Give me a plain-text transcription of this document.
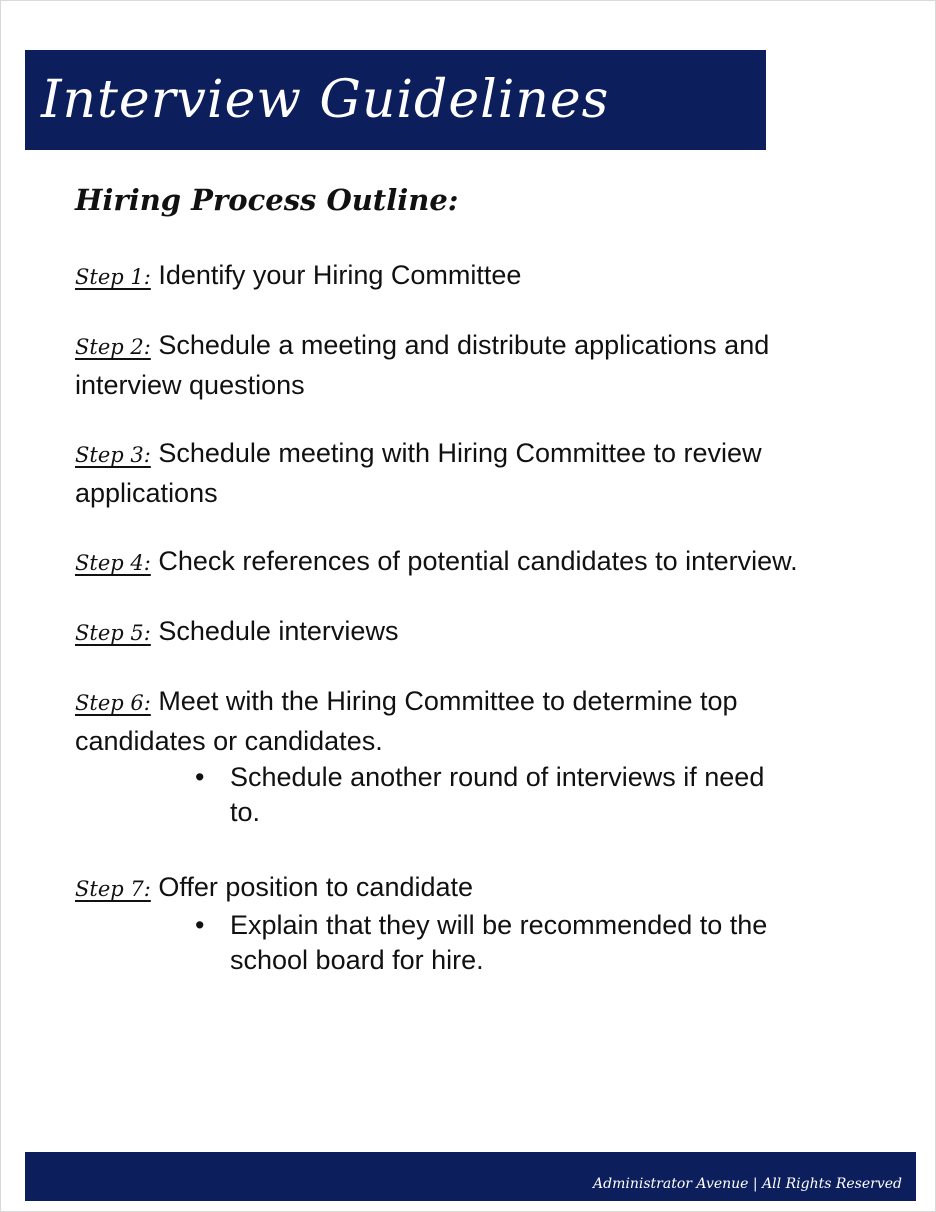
Interview Guidelines
Hiring Process Outline:

Step 1: Identify your Hiring Committee

Step 2: Schedule a meeting and distribute applications and interview questions

Step 3: Schedule meeting with Hiring Committee to review applications

Step 4: Check references of potential candidates to interview.

Step 5: Schedule interviews

Step 6: Meet with the Hiring Committee to determine top candidates or candidates.

• Schedule another round of interviews if need to.

Step 7: Offer position to candidate

• Explain that they will be recommended to the school board for hire.
Administrator Avenue | All Rights Reserved
